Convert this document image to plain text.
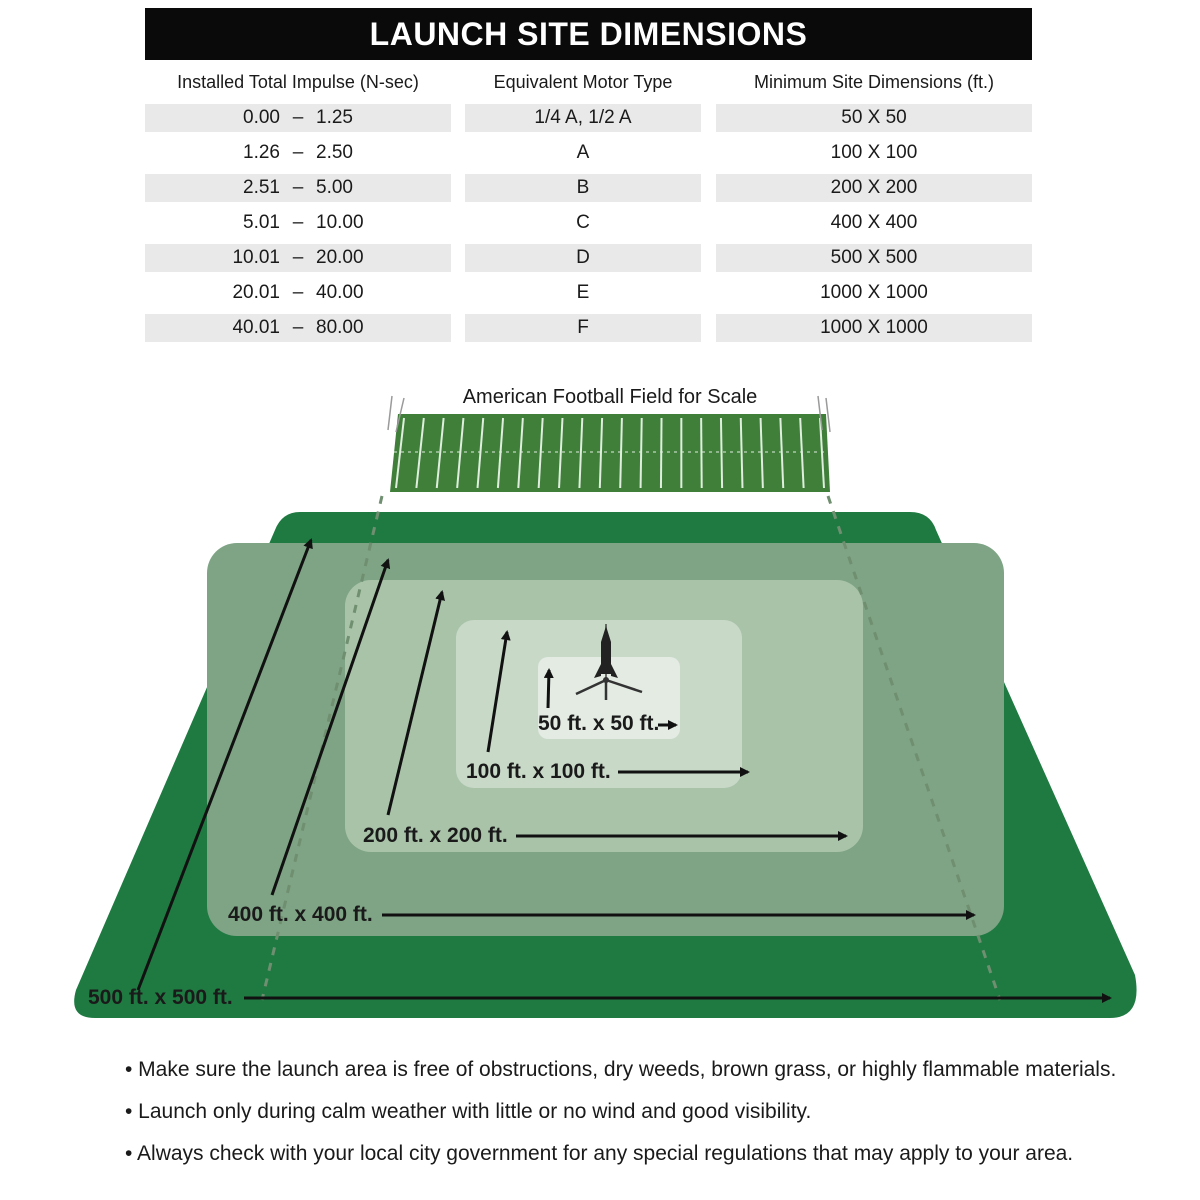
LAUNCH SITE DIMENSIONS
Installed Total Impulse (N-sec)	Equivalent Motor Type	Minimum Site Dimensions (ft.)
0.00 – 1.25	1/4 A, 1/2 A	50 X 50
1.26 – 2.50	A	100 X 100
2.51 – 5.00	B	200 X 200
5.01 – 10.00	C	400 X 400
10.01 – 20.00	D	500 X 500
20.01 – 40.00	E	1000 X 1000
40.01 – 80.00	F	1000 X 1000
American Football Field for Scale
50 ft. x 50 ft.
100 ft. x 100 ft.
200 ft. x 200 ft.
400 ft. x 400 ft.
500 ft. x 500 ft.
• Make sure the launch area is free of obstructions, dry weeds, brown grass, or highly flammable materials.
• Launch only during calm weather with little or no wind and good visibility.
• Always check with your local city government for any special regulations that may apply to your area.
